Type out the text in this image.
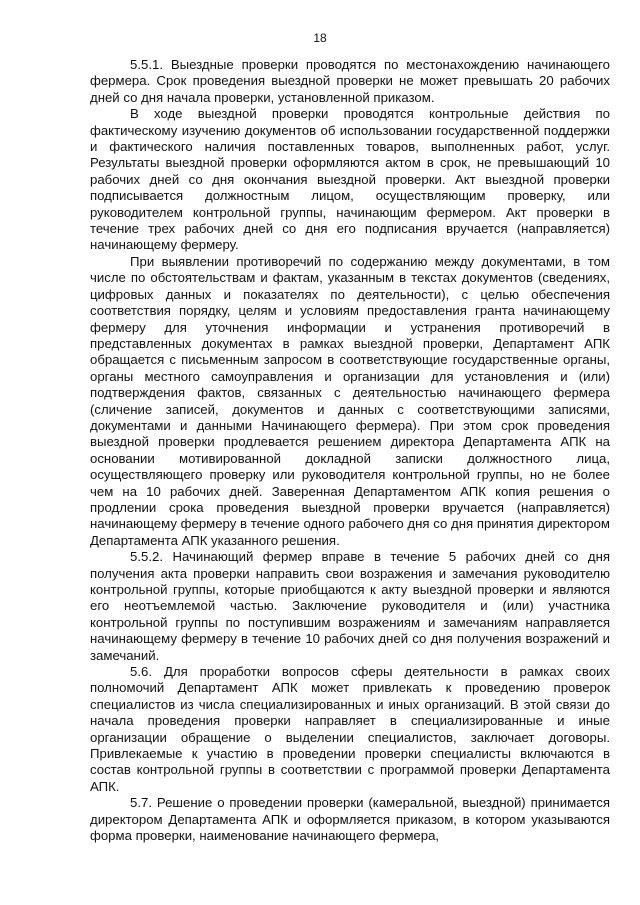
18

5.5.1. Выездные проверки проводятся по местонахождению начинающего фермера. Срок проведения выездной проверки не может превышать 20 рабочих дней со дня начала проверки, установленной приказом.

В ходе выездной проверки проводятся контрольные действия по фактическому изучению документов об использовании государственной поддержки и фактического наличия поставленных товаров, выполненных работ, услуг. Результаты выездной проверки оформляются актом в срок, не превышающий 10 рабочих дней со дня окончания выездной проверки. Акт выездной проверки подписывается должностным лицом, осуществляющим проверку, или руководителем контрольной группы, начинающим фермером. Акт проверки в течение трех рабочих дней со дня его подписания вручается (направляется) начинающему фермеру.

При выявлении противоречий по содержанию между документами, в том числе по обстоятельствам и фактам, указанным в текстах документов (сведениях, цифровых данных и показателях по деятельности), с целью обеспечения соответствия порядку, целям и условиям предоставления гранта начинающему фермеру для уточнения информации и устранения противоречий в представленных документах в рамках выездной проверки, Департамент АПК обращается с письменным запросом в соответствующие государственные органы, органы местного самоуправления и организации для установления и (или) подтверждения фактов, связанных с деятельностью начинающего фермера (сличение записей, документов и данных с соответствующими записями, документами и данными Начинающего фермера). При этом срок проведения выездной проверки продлевается решением директора Департамента АПК на основании мотивированной докладной записки должностного лица, осуществляющего проверку или руководителя контрольной группы, но не более чем на 10 рабочих дней. Заверенная Департаментом АПК копия решения о продлении срока проведения выездной проверки вручается (направляется) начинающему фермеру в течение одного рабочего дня со дня принятия директором Департамента АПК указанного решения.

5.5.2. Начинающий фермер вправе в течение 5 рабочих дней со дня получения акта проверки направить свои возражения и замечания руководителю контрольной группы, которые приобщаются к акту выездной проверки и являются его неотъемлемой частью. Заключение руководителя и (или) участника контрольной группы по поступившим возражениям и замечаниям направляется начинающему фермеру в течение 10 рабочих дней со дня получения возражений и замечаний.

5.6. Для проработки вопросов сферы деятельности в рамках своих полномочий Департамент АПК может привлекать к проведению проверок специалистов из числа специализированных и иных организаций. В этой связи до начала проведения проверки направляет в специализированные и иные организации обращение о выделении специалистов, заключает договоры. Привлекаемые к участию в проведении проверки специалисты включаются в состав контрольной группы в соответствии с программой проверки Департамента АПК.

5.7. Решение о проведении проверки (камеральной, выездной) принимается директором Департамента АПК и оформляется приказом, в котором указываются форма проверки, наименование начинающего фермера,
